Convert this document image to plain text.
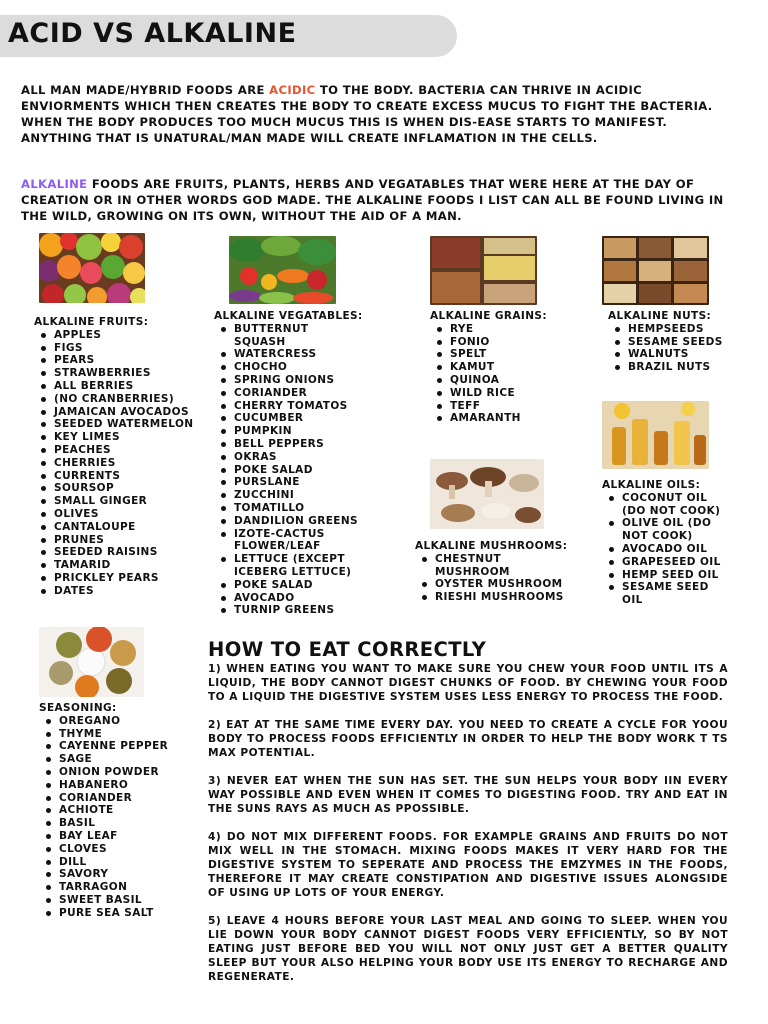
ACID VS ALKALINE

ALL MAN MADE/HYBRID FOODS ARE ACIDIC TO THE BODY. BACTERIA CAN THRIVE IN ACIDIC ENVIORMENTS WHICH THEN CREATES THE BODY TO CREATE EXCESS MUCUS TO FIGHT THE BACTERIA. WHEN THE BODY PRODUCES TOO MUCH MUCUS THIS IS WHEN DIS-EASE STARTS TO MANIFEST. ANYTHING THAT IS UNATURAL/MAN MADE WILL CREATE INFLAMATION IN THE CELLS.

ALKALINE FOODS ARE FRUITS, PLANTS, HERBS AND VEGATABLES THAT WERE HERE AT THE DAY OF CREATION OR IN OTHER WORDS GOD MADE. THE ALKALINE FOODS I LIST CAN ALL BE FOUND LIVING IN THE WILD, GROWING ON ITS OWN, WITHOUT THE AID OF A MAN.

ALKALINE FRUITS:
APPLES
FIGS
PEARS
STRAWBERRIES
ALL BERRIES
(NO CRANBERRIES)
JAMAICAN AVOCADOS
SEEDED WATERMELON
KEY LIMES
PEACHES
CHERRIES
CURRENTS
SOURSOP
SMALL GINGER
OLIVES
CANTALOUPE
PRUNES
SEEDED RAISINS
TAMARID
PRICKLEY PEARS
DATES
ALKALINE VEGATABLES:
BUTTERNUT SQUASH
WATERCRESS
CHOCHO
SPRING ONIONS
CORIANDER
CHERRY TOMATOS
CUCUMBER
PUMPKIN
BELL PEPPERS
OKRAS
POKE SALAD
PURSLANE
ZUCCHINI
TOMATILLO
DANDILION GREENS
IZOTE-CACTUS FLOWER/LEAF
LETTUCE (EXCEPT ICEBERG LETTUCE)
POKE SALAD
AVOCADO
TURNIP GREENS
ALKALINE GRAINS:
RYE
FONIO
SPELT
KAMUT
QUINOA
WILD RICE
TEFF
AMARANTH
ALKALINE NUTS:
HEMPSEEDS
SESAME SEEDS
WALNUTS
BRAZIL NUTS
ALKALINE OILS:
COCONUT OIL (DO NOT COOK)
OLIVE OIL (DO NOT COOK)
AVOCADO OIL
GRAPESEED OIL
HEMP SEED OIL
SESAME SEED OIL
ALKALINE MUSHROOMS:
CHESTNUT MUSHROOM
OYSTER MUSHROOM
RIESHI MUSHROOMS
SEASONING:
OREGANO
THYME
CAYENNE PEPPER
SAGE
ONION POWDER
HABANERO
CORIANDER
ACHIOTE
BASIL
BAY LEAF
CLOVES
DILL
SAVORY
TARRAGON
SWEET BASIL
PURE SEA SALT
HOW TO EAT CORRECTLY

1) WHEN EATING YOU WANT TO MAKE SURE YOU CHEW YOUR FOOD UNTIL ITS A LIQUID, THE BODY CANNOT DIGEST CHUNKS OF FOOD. BY CHEWING YOUR FOOD TO A LIQUID THE DIGESTIVE SYSTEM USES LESS ENERGY TO PROCESS THE FOOD.

2) EAT AT THE SAME TIME EVERY DAY. YOU NEED TO CREATE A CYCLE FOR YOOU BODY TO PROCESS FOODS EFFICIENTLY IN ORDER TO HELP THE BODY WORK T TS MAX POTENTIAL.

3) NEVER EAT WHEN THE SUN HAS SET. THE SUN HELPS YOUR BODY IIN EVERY WAY POSSIBLE AND EVEN WHEN IT COMES TO DIGESTING FOOD. TRY AND EAT IN THE SUNS RAYS AS MUCH AS PPOSSIBLE.

4) DO NOT MIX DIFFERENT FOODS. FOR EXAMPLE GRAINS AND FRUITS DO NOT MIX WELL IN THE STOMACH. MIXING FOODS MAKES IT VERY HARD FOR THE DIGESTIVE SYSTEM TO SEPERATE AND PROCESS THE EMZYMES IN THE FOODS, THEREFORE IT MAY CREATE CONSTIPATION AND DIGESTIVE ISSUES ALONGSIDE OF USING UP LOTS OF YOUR ENERGY.

5) LEAVE 4 HOURS BEFORE YOUR LAST MEAL AND GOING TO SLEEP. WHEN YOU LIE DOWN YOUR BODY CANNOT DIGEST FOODS VERY EFFICIENTLY, SO BY NOT EATING JUST BEFORE BED YOU WILL NOT ONLY JUST GET A BETTER QUALITY SLEEP BUT YOUR ALSO HELPING YOUR BODY USE ITS ENERGY TO RECHARGE AND REGENERATE.
